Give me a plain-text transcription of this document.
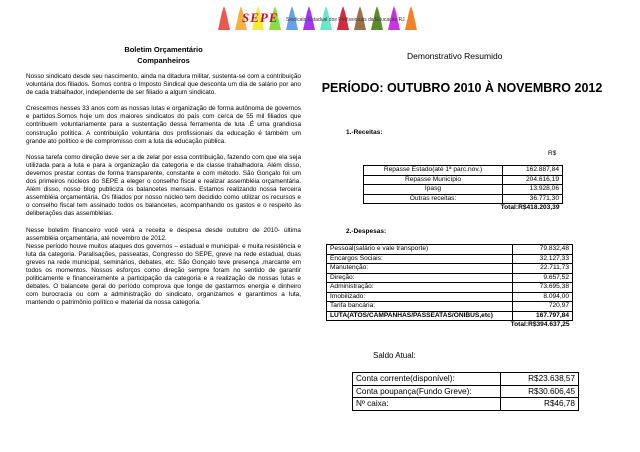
SEPE Sindicato Estadual dos Profissionais da Educação RJ
Boletim Orçamentário
Companheiros

Nosso sindicato desde seu nascimento, ainda na ditadura militar, sustenta-se com a contribuição voluntária dos filiados. Somos contra o Imposto Sindical que desconta um dia de salário por ano de cada trabalhador, independente de ser filiado a algum sindicato.

Crescemos nesses 33 anos com as nossas lutas e organização de forma autônoma de governos e partidos.Somos hoje um dos maiores sindicatos do país com cerca de 55 mil filiados que contribuem voluntariamente para a sustentação dessa ferramenta de luta .É uma grandiosa construção política. A contribuição voluntária dos profissionais da educação é também um grande ato político e de compromisso com a luta da educação pública.

Nossa tarefa como direção deve ser a de zelar por essa contribuição, fazendo com que ela seja utilizada para a luta e para a organização da categoria e da classe trabalhadora. Além disso, devemos prestar contas de forma transparente, constante e com método. São Gonçalo foi um dos primeiros núcleos do SEPE a eleger o conselho fiscal e realizar assembléia orçamentária. Além disso, nosso blog publiciza os balancetes mensais. Estamos realizando nossa terceira assembléia orçamentária. Os filiados por nosso núcleo tem decidido como utilizar os recursos e o conselho fiscal tem assinado todos os balancetes, acompanhando os gastos e o respeito às deliberações das assembléias.

Nesse boletim financeiro você verá a receita e despesa desde outubro de 2010- última assembléia orçamentária, até novembro de 2012.

Nesse período houve muitos ataques dos governos – estadual e municipal- e muita resistência e luta da categoria. Paralisações, passeatas, Congresso do SEPE, greve na rede estadual, duas greves na rede municipal, seminários, debates, etc. São Gonçalo teve presença ,marcante em todos os momentos. Nossos esforços como direção sempre foram no sentido de garantir politicamente e financeiramente a participação da categoria e a realização de nossas lutas e debates. O balancete geral do período comprova que longe de gastarmos energia e dinheiro com burocracia ou com a administração do sindicato, organizamos e garantimos a luta, mantendo o patrimônio político e material da nossa categoria.

Demonstrativo Resumido
PERÍODO: OUTUBRO 2010 À NOVEMBRO 2012
1.-Receitas:
R$
Repasse Estado(até 1ª parc.nov.)	162.887,84
Repasse Município	204.616,19
Ipasg	13.928,06
Outras receitas:	36.771,30
Total:R$418.203,39	
2.-Despesas:
Pessoal(salário e vale transporte)	79.832,48
Encargos Sociais:	32.127,33
Manutenção:	22.711,73
Direção:	9.657,52
Administração:	73.695,38
Imobilizado:	8.094,00
Tarifa bancária:	720,97
LUTA(ATOS/CAMPANHAS/PASSEATAS/ÔNIBUS,etc)	167.797,84
Total:R$394.637,25	
Saldo Atual:
Conta corrente(disponível):	R$23.638,57
Conta poupança(Fundo Greve):	R$30.606,45
Nº caixa:	R$46,78
